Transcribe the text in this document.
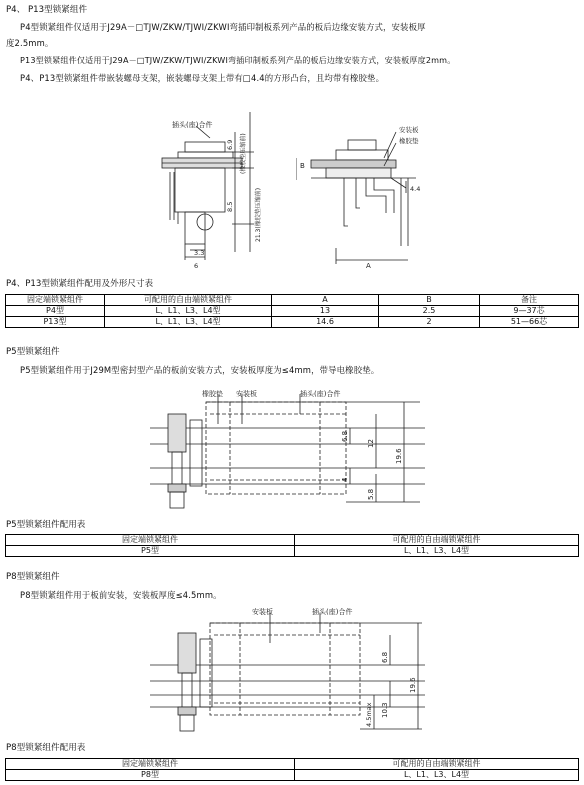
P4、 P13型锁紧组件
P4型锁紧组件仅适用于J29A－□TJW/ZKW/TJWI/ZKWI弯插印制板系列产品的板后边缘安装方式，安装板厚
度2.5mm。
P13型锁紧组件仅适用于J29A－□TJW/ZKW/TJWI/ZKWI弯插印制板系列产品的板后边缘安装方式，安装板厚度2mm。
P4、P13型锁紧组件带嵌装螺母支架，嵌装螺母支架上带有□4.4的方形凸台，且均带有橡胶垫。
插头(座)合件
6.9 (橡胶垫压缩前)
8.5	21.3(橡胶垫压缩前)
3.3
6
安装板
橡胶垫
B
A
4.4
P4、P13型锁紧组件配用及外形尺寸表
固定端锁紧组件	可配用的自由端锁紧组件	A	B	备注
P4型	L、L1、L3、L4型	13	2.5	9—37芯
P13型	L、L1、L3、L4型	14.6	2	51—66芯
P5型锁紧组件
P5型锁紧组件用于J29M型密封型产品的板前安装方式，安装板厚度为≤4mm，带导电橡胶垫。
橡胶垫 安装板	插头(座)合件
6.8
12
19.6
4
5.8
P5型锁紧组件配用表
固定端锁紧组件	可配用的自由端锁紧组件
P5型	L、L1、L3、L4型
P8型锁紧组件
P8型锁紧组件用于板前安装，安装板厚度≤4.5mm。
安装板	插头(座)合件
6.8
19.6
10.3
4.5max
P8型锁紧组件配用表
固定端锁紧组件	可配用的自由端锁紧组件
P8型	L、L1、L3、L4型
